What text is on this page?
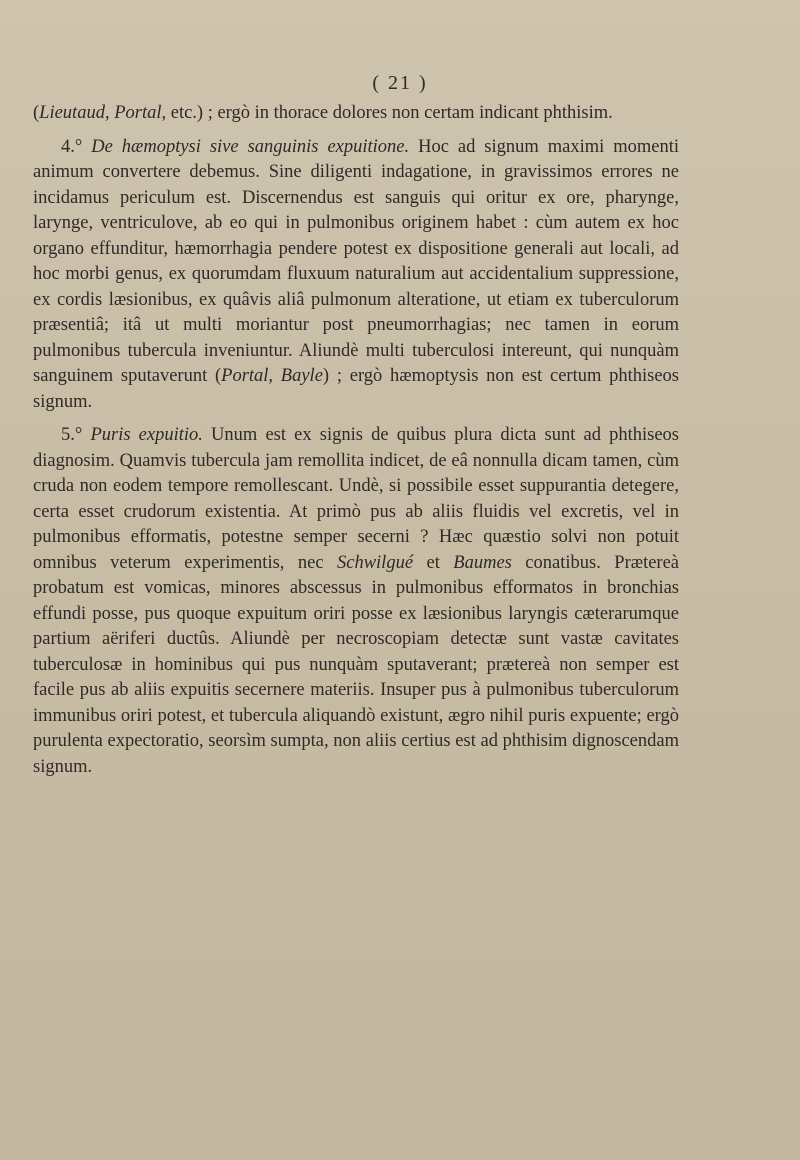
( 21 )

(Lieutaud, Portal, etc.) ; ergò in thorace dolores non certam indicant phthisim.

4.° De hæmoptysi sive sanguinis expuitione. Hoc ad signum maximi momenti animum convertere debemus. Sine diligenti indagatione, in gravissimos errores ne incidamus periculum est. Discernendus est sanguis qui oritur ex ore, pharynge, larynge, ventriculove, ab eo qui in pulmonibus originem habet : cùm autem ex hoc organo effunditur, hæmorrhagia pendere potest ex dispositione generali aut locali, ad hoc morbi genus, ex quorumdam fluxuum naturalium aut accidentalium suppressione, ex cordis læsionibus, ex quâvis aliâ pulmonum alteratione, ut etiam ex tuberculorum præsentiâ; itâ ut multi moriantur post pneumorrhagias; nec tamen in eorum pulmonibus tubercula inveniuntur. Aliundè multi tuberculosi intereunt, qui nunquàm sanguinem sputaverunt (Portal, Bayle) ; ergò hæmoptysis non est certum phthiseos signum.

5.° Puris expuitio. Unum est ex signis de quibus plura dicta sunt ad phthiseos diagnosim. Quamvis tubercula jam remollita indicet, de eâ nonnulla dicam tamen, cùm cruda non eodem tempore remollescant. Undè, si possibile esset suppurantia detegere, certa esset crudorum existentia. At primò pus ab aliis fluidis vel excretis, vel in pulmonibus efformatis, potestne semper secerni ? Hæc quæstio solvi non potuit omnibus veterum experimentis, nec Schwilgué et Baumes conatibus. Prætereà probatum est vomicas, minores abscessus in pulmonibus efformatos in bronchias effundi posse, pus quoque expuitum oriri posse ex læsionibus laryngis cæterarumque partium aëriferi ductûs. Aliundè per necroscopiam detectæ sunt vastæ cavitates tuberculosæ in hominibus qui pus nunquàm sputaverant; prætereà non semper est facile pus ab aliis expuitis secernere materiis. Insuper pus à pulmonibus tuberculorum immunibus oriri potest, et tubercula aliquandò existunt, ægro nihil puris expuente; ergò purulenta expectoratio, seorsìm sumpta, non aliis certius est ad phthisim dignoscendam signum.
